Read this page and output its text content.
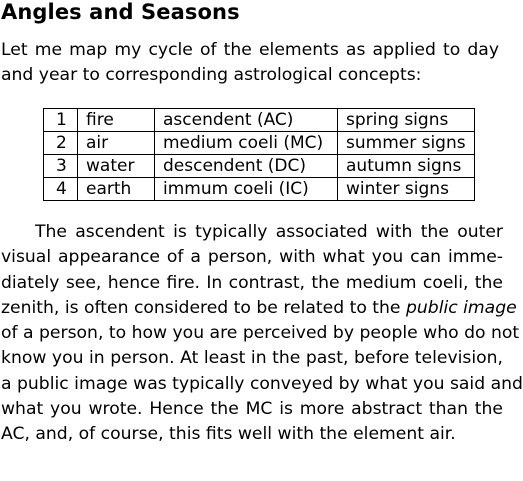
Angles and Seasons
Let me map my cycle of the elements as applied to day and year to corresponding astrological concepts:
1	fire	ascendent (AC)	spring signs
2	air	medium coeli (MC)	summer signs
3	water	descendent (DC)	autumn signs
4	earth	immum coeli (IC)	winter signs
The ascendent is typically associated with the outer
visual appearance of a person, with what you can imme-
diately see, hence fire. In contrast, the medium coeli, the
zenith, is often considered to be related to the public image
of a person, to how you are perceived by people who do not
know you in person. At least in the past, before television,
a public image was typically conveyed by what you said and
what you wrote. Hence the MC is more abstract than the
AC, and, of course, this fits well with the element air.
